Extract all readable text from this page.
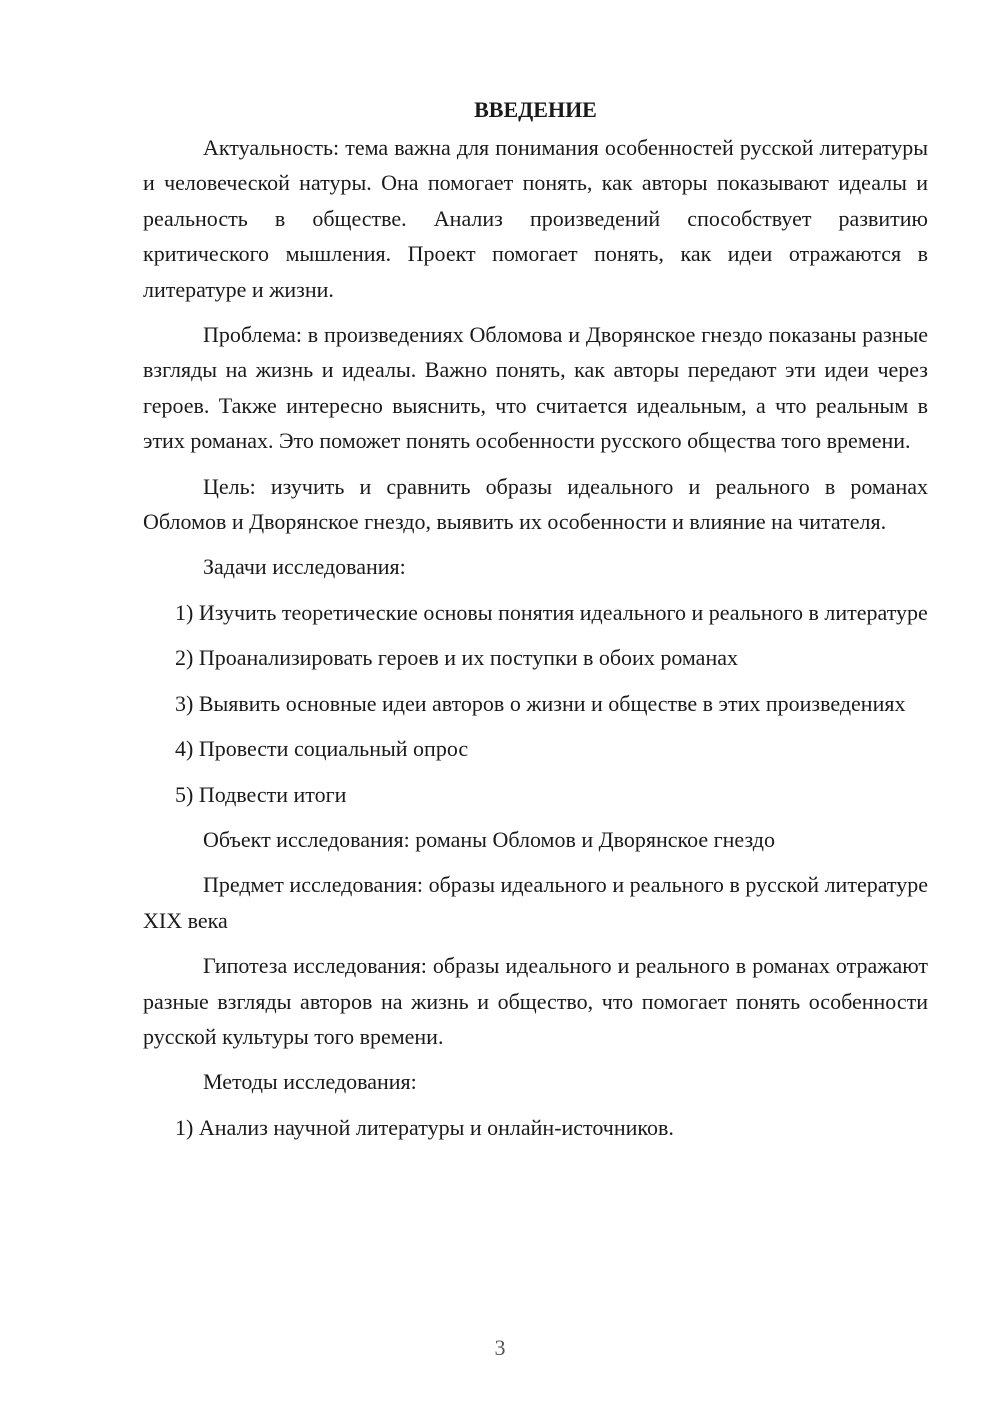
ВВЕДЕНИЕ

Актуальность: тема важна для понимания особенностей русской литературы и человеческой натуры. Она помогает понять, как авторы показывают идеалы и реальность в обществе. Анализ произведений способствует развитию критического мышления. Проект помогает понять, как идеи отражаются в литературе и жизни.

Проблема: в произведениях Обломова и Дворянское гнездо показаны разные взгляды на жизнь и идеалы. Важно понять, как авторы передают эти идеи через героев. Также интересно выяснить, что считается идеальным, а что реальным в этих романах. Это поможет понять особенности русского общества того времени.

Цель: изучить и сравнить образы идеального и реального в романах Обломов и Дворянское гнездо, выявить их особенности и влияние на читателя.

Задачи исследования:

1) Изучить теоретические основы понятия идеального и реального в литературе

2) Проанализировать героев и их поступки в обоих романах

3) Выявить основные идеи авторов о жизни и обществе в этих произведениях

4) Провести социальный опрос

5) Подвести итоги

Объект исследования: романы Обломов и Дворянское гнездо

Предмет исследования: образы идеального и реального в русской литературе XIX века

Гипотеза исследования: образы идеального и реального в романах отражают разные взгляды авторов на жизнь и общество, что помогает понять особенности русской культуры того времени.

Методы исследования:

1) Анализ научной литературы и онлайн-источников.

3
